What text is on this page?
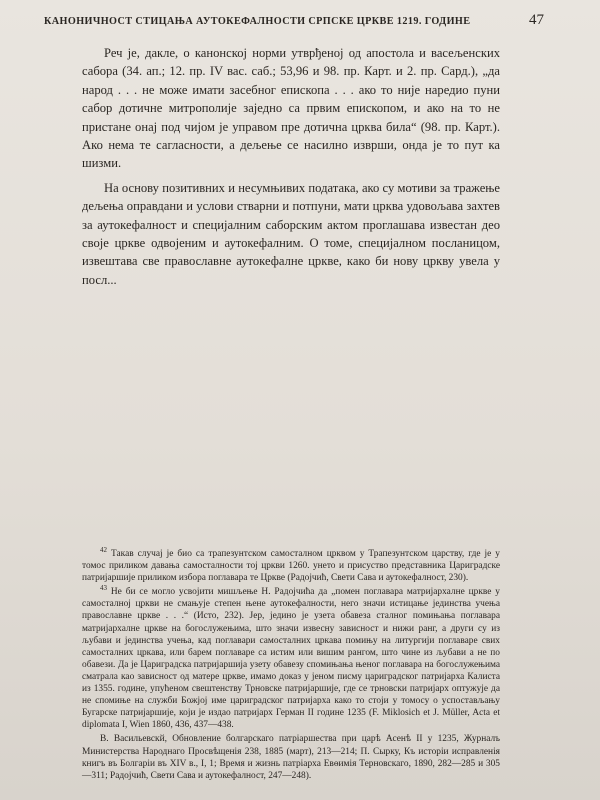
КАНОНИЧНОСТ СТИЦАЊА АУТОКЕФАЛНОСТИ СРПСКЕ ЦРКВЕ 1219. ГОДИНЕ	47

Реч је, дакле, о канонској норми утврђеној од апостола и васељенских сабора (34. ап.; 12. пр. IV вас. саб.; 53,96 и 98. пр. Карт. и 2. пр. Сард.), „да народ . . . не може имати засебног епископа . . . ако то није наредио пуни сабор дотичне митрополије заједно са првим епископом, и ако на то не пристане онај под чијом је управом пре дотична црква била“ (98. пр. Карт.). Ако нема те сагласности, а дељење се насилно изврши, онда је то пут ка шизми.

На основу позитивних и несумњивих података, ако су мотиви за тражење дељења оправдани и услови стварни и потпуни, мати црква удовољава захтев за аутокефалност и специјалним саборским актом проглашава известан део своје цркве одвојеним и аутокефалним. О томе, специјалном посланицом, извештава све православне аутокефалне цркве, како би нову цркву увела у посл...

$^{42}$ Такав случај је био са трапезунтском самосталном црквом у Трапезунтском царству, где је у томос приликом давања самосталности тој цркви 1260. унето и присуство представника Цариградске патријаршије приликом избора поглавара те Цркве (Радојчић, Свети Сава и аутокефалност, 230).

$^{43}$ Не би се могло усвојити мишљење Н. Радојчића да „помен поглавара матријархалне цркве у самосталној цркви не смањује степен њене аутокефалности, него значи истицање јединства учења православне цркве . . .“ (Исто, 232). Јер, једино је узета обавеза сталног помињања поглавара матријархалне цркве на богослужењима, што значи извесну зависност и нижи ранг, а други су из љубави и јединства учења, кад поглавари самосталних цркава помињу на литургији поглаваре свих самосталних цркава, или барем поглаваре са истим или вишим рангом, што чине из љубави а не по обавези. Да је Цариградска патријаршија узету обавезу спомињања њеног поглавара на богослужењима сматрала као зависност од матере цркве, имамо доказ у јеном писму цариградског патријарха Калиста из 1355. године, упућеном свештенству Трновске патријаршије, где се трновски патријарх оптужује да не спомиње на служби Божјој име цариградског патријарха како то стоји у томосу о успостављању Бугарске патријаршије, који је издао патријарх Герман II године 1235 (F. Miklosich et J. Müller, Acta et diplomata I, Wien 1860, 436, 437—438.

В. Васильевскй, Обновление болгарскаго патріаршества при царѣ Асенѣ II у 1235, Журналъ Министерства Народнаго Просвѣщенія 238, 1885 (март), 213—214; П. Сырку, Къ исторіи исправленія книгъ въ Болгаріи въ XIV в., I, 1; Время и жизнь патріарха Евѳимія Терновскаго, 1890, 282—285 и 305—311; Радојчић, Свети Сава и аутокефалност, 247—248).
